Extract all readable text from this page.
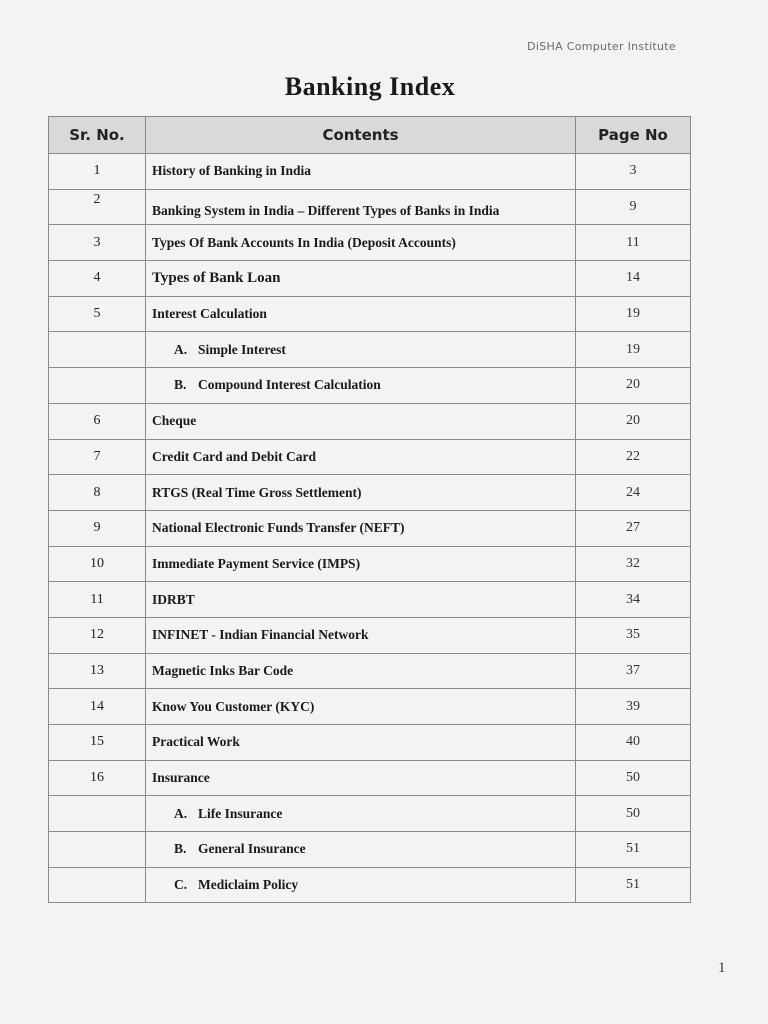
DiSHA Computer Institute
Banking Index
Sr. No.	Contents	Page No
1	History of Banking in India	3
2	Banking System in India – Different Types of Banks in India	9
3	Types Of Bank Accounts In India (Deposit Accounts)	11
4	Types of Bank Loan	14
5	Interest Calculation	19
	A. Simple Interest	19
	B. Compound Interest Calculation	20
6	Cheque	20
7	Credit Card and Debit Card	22
8	RTGS (Real Time Gross Settlement)	24
9	National Electronic Funds Transfer (NEFT)	27
10	Immediate Payment Service (IMPS)	32
11	IDRBT	34
12	INFINET - Indian Financial Network	35
13	Magnetic Inks Bar Code	37
14	Know You Customer (KYC)	39
15	Practical Work	40
16	Insurance	50
	A. Life Insurance	50
	B. General Insurance	51
	C. Mediclaim Policy	51
1
